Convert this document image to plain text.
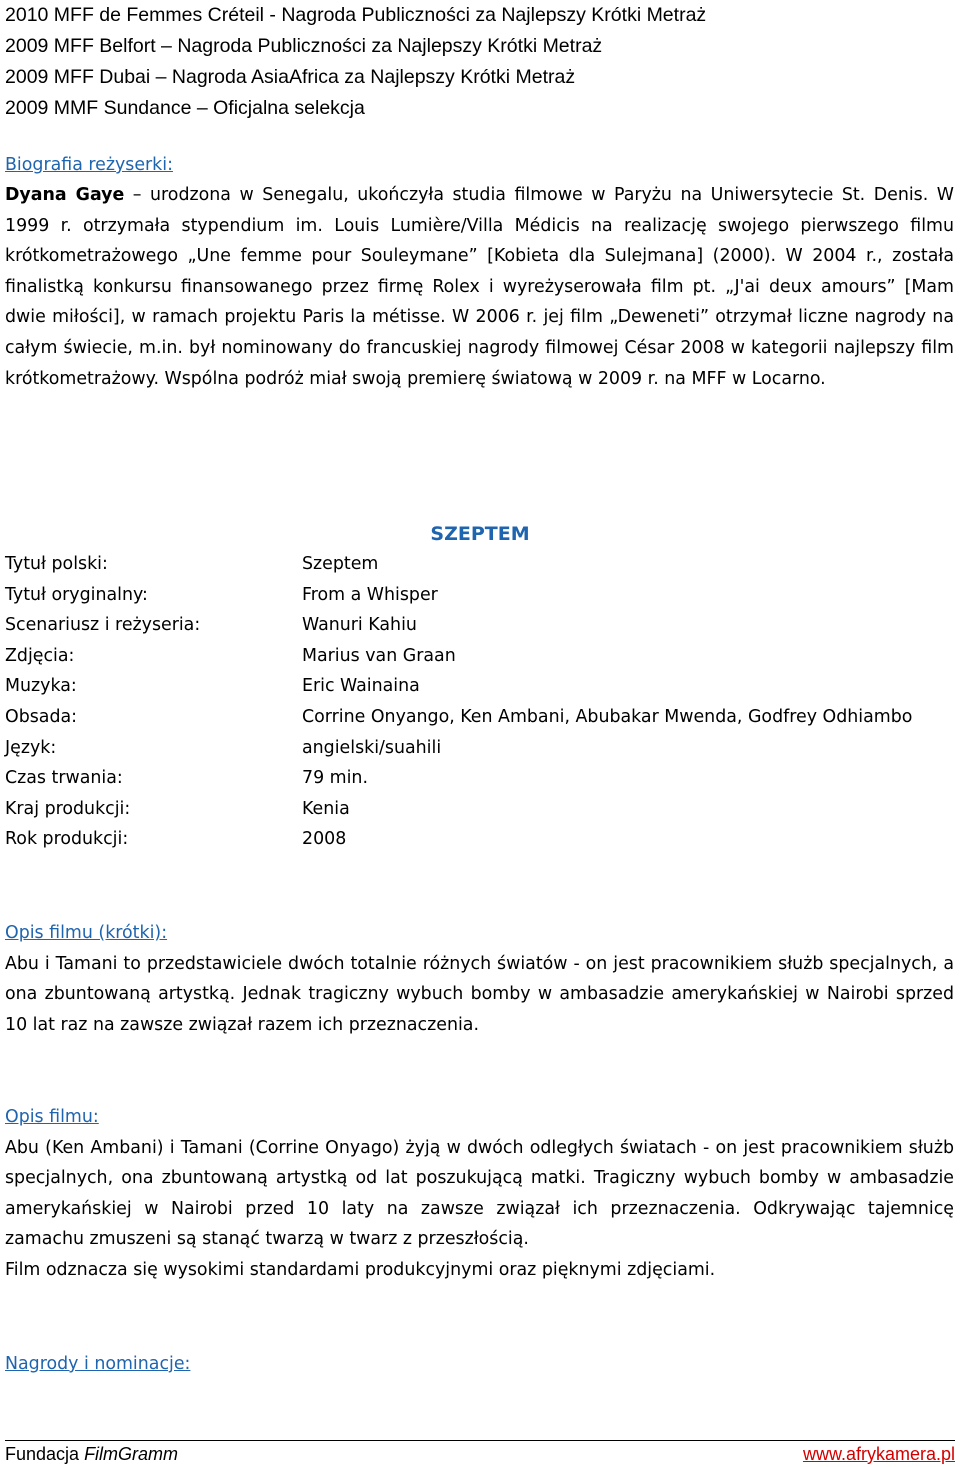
2010 MFF de Femmes Créteil - Nagroda Publiczności za Najlepszy Krótki Metraż
2009 MFF Belfort – Nagroda Publiczności za Najlepszy Krótki Metraż
2009 MFF Dubai – Nagroda AsiaAfrica za Najlepszy Krótki Metraż
2009 MMF Sundance – Oficjalna selekcja
Biografia reżyserki:
Dyana Gaye – urodzona w Senegalu, ukończyła studia filmowe w Paryżu na Uniwersytecie St. Denis. W 1999 r. otrzymała stypendium im. Louis Lumière/Villa Médicis na realizację swojego pierwszego filmu krótkometrażowego „Une femme pour Souleymane” [Kobieta dla Sulejmana] (2000). W 2004 r., została finalistką konkursu finansowanego przez firmę Rolex i wyreżyserowała film pt. „J'ai deux amours” [Mam dwie miłości], w ramach projektu Paris la métisse. W 2006 r. jej film „Deweneti” otrzymał liczne nagrody na całym świecie, m.in. był nominowany do francuskiej nagrody filmowej César 2008 w kategorii najlepszy film krótkometrażowy. Wspólna podróż miał swoją premierę światową w 2009 r. na MFF w Locarno.
SZEPTEM
Tytuł polski:	Szeptem
Tytuł oryginalny:	From a Whisper
Scenariusz i reżyseria:	Wanuri Kahiu
Zdjęcia:	Marius van Graan
Muzyka:	Eric Wainaina
Obsada:	Corrine Onyango, Ken Ambani, Abubakar Mwenda, Godfrey Odhiambo
Język:	angielski/suahili
Czas trwania:	79 min.
Kraj produkcji:	Kenia
Rok produkcji:	2008
Opis filmu (krótki):
Abu i Tamani to przedstawiciele dwóch totalnie różnych światów - on jest pracownikiem służb specjalnych, a ona zbuntowaną artystką. Jednak tragiczny wybuch bomby w ambasadzie amerykańskiej w Nairobi sprzed 10 lat raz na zawsze związał razem ich przeznaczenia.
Opis filmu:
Abu (Ken Ambani) i Tamani (Corrine Onyago) żyją w dwóch odległych światach - on jest pracownikiem służb specjalnych, ona zbuntowaną artystką od lat poszukującą matki. Tragiczny wybuch bomby w ambasadzie amerykańskiej w Nairobi przed 10 laty na zawsze związał ich przeznaczenia. Odkrywając tajemnicę zamachu zmuszeni są stanąć twarzą w twarz z przeszłością.
Film odznacza się wysokimi standardami produkcyjnymi oraz pięknymi zdjęciami.
Nagrody i nominacje:
Fundacja FilmGramm	www.afrykamera.pl
